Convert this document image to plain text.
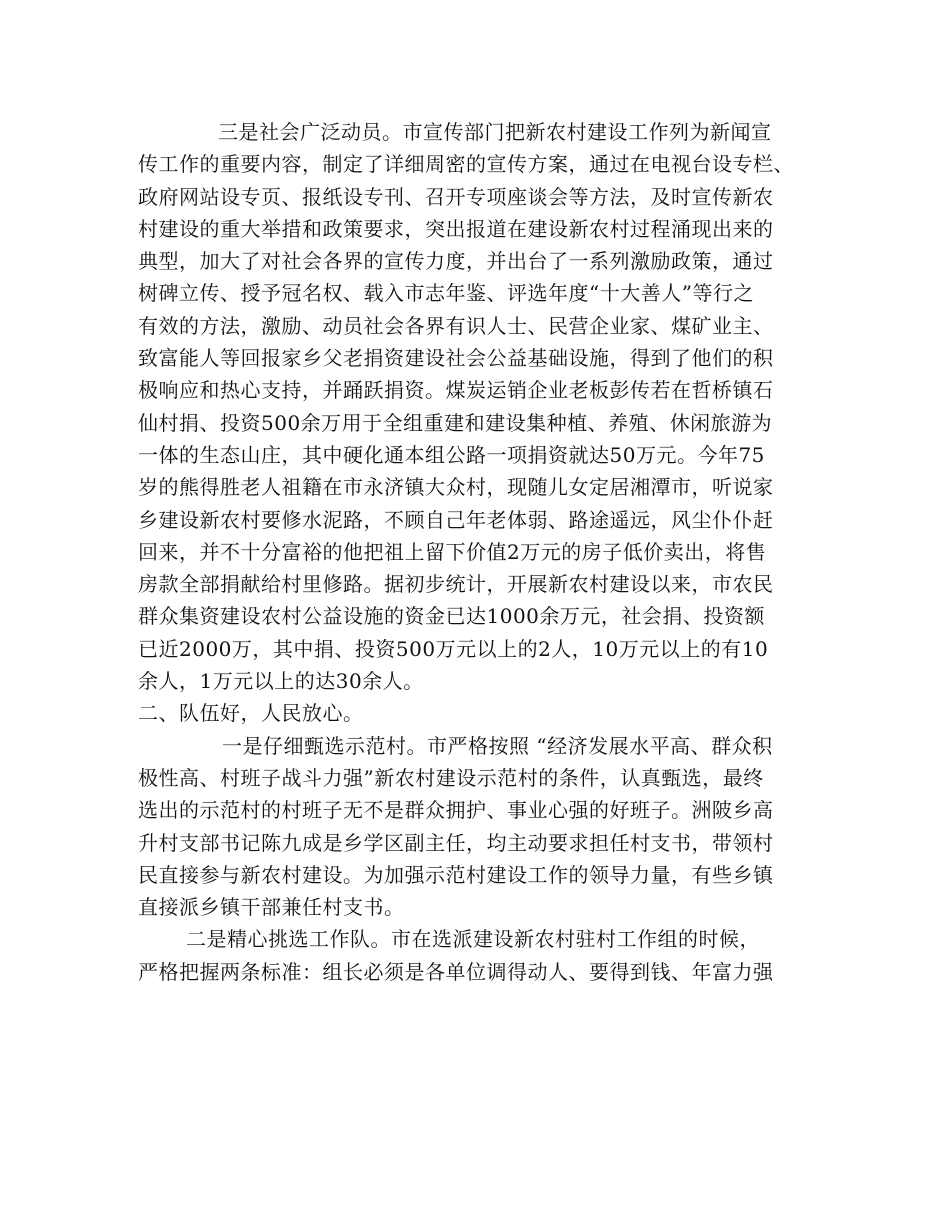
三是社会广泛动员。市宣传部门把新农村建设工作列为新闻宣
传工作的重要内容，制定了详细周密的宣传方案，通过在电视台设专栏、
政府网站设专页、报纸设专刊、召开专项座谈会等方法，及时宣传新农
村建设的重大举措和政策要求，突出报道在建设新农村过程涌现出来的
典型，加大了对社会各界的宣传力度，并出台了一系列激励政策，通过
树碑立传、授予冠名权、载入市志年鉴、评选年度“十大善人”等行之
有效的方法，激励、动员社会各界有识人士、民营企业家、煤矿业主、
致富能人等回报家乡父老捐资建设社会公益基础设施，得到了他们的积
极响应和热心支持，并踊跃捐资。煤炭运销企业老板彭传若在哲桥镇石
仙村捐、投资500余万用于全组重建和建设集种植、养殖、休闲旅游为
一体的生态山庄，其中硬化通本组公路一项捐资就达50万元。今年75
岁的熊得胜老人祖籍在市永济镇大众村，现随儿女定居湘潭市，听说家
乡建设新农村要修水泥路，不顾自己年老体弱、路途遥远，风尘仆仆赶
回来，并不十分富裕的他把祖上留下价值2万元的房子低价卖出，将售
房款全部捐献给村里修路。据初步统计，开展新农村建设以来，市农民
群众集资建设农村公益设施的资金已达1000余万元，社会捐、投资额
已近2000万，其中捐、投资500万元以上的2人，10万元以上的有10
余人，1万元以上的达30余人。
二、队伍好，人民放心。
一是仔细甄选示范村。市严格按照 “经济发展水平高、群众积
极性高、村班子战斗力强”新农村建设示范村的条件，认真甄选，最终
选出的示范村的村班子无不是群众拥护、事业心强的好班子。洲陂乡高
升村支部书记陈九成是乡学区副主任，均主动要求担任村支书，带领村
民直接参与新农村建设。为加强示范村建设工作的领导力量，有些乡镇
直接派乡镇干部兼任村支书。
二是精心挑选工作队。市在选派建设新农村驻村工作组的时候，
严格把握两条标准：组长必须是各单位调得动人、要得到钱、年富力强
